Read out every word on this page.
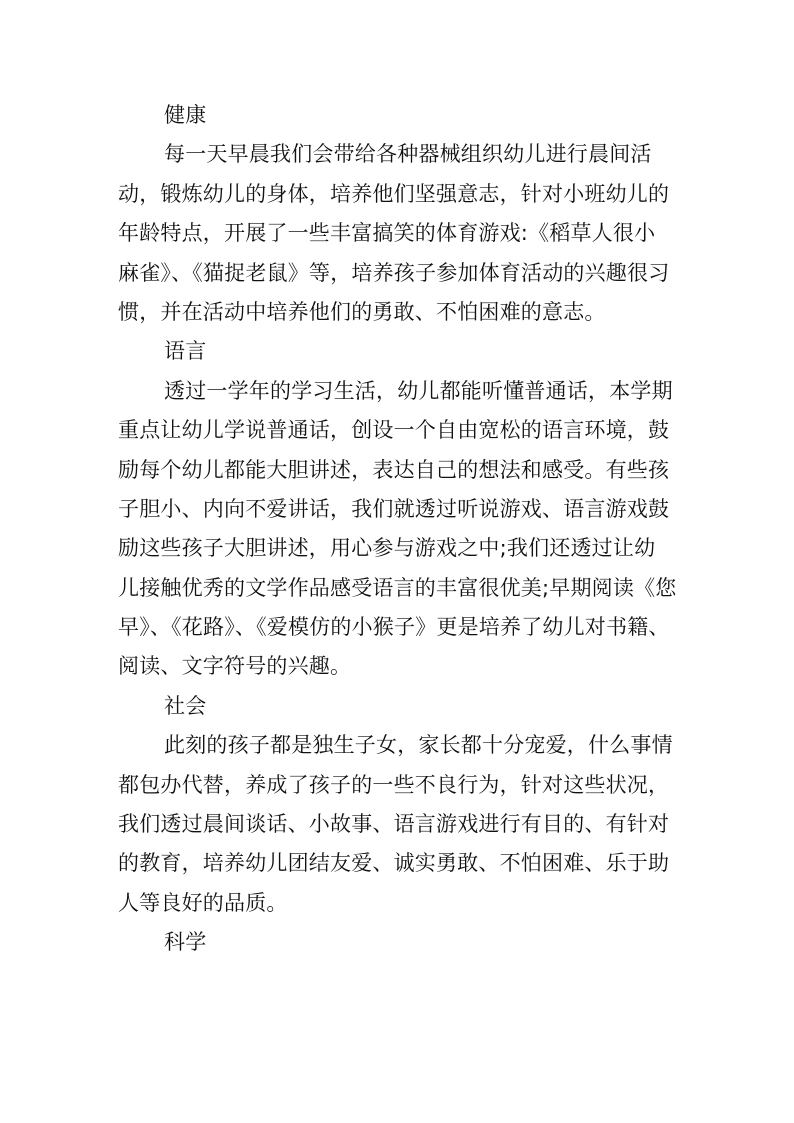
健康
每一天早晨我们会带给各种器械组织幼儿进行晨间活
动，锻炼幼儿的身体，培养他们坚强意志，针对小班幼儿的
年龄特点，开展了一些丰富搞笑的体育游戏:《稻草人很小
麻雀》、《猫捉老鼠》等，培养孩子参加体育活动的兴趣很习
惯，并在活动中培养他们的勇敢、不怕困难的意志。
语言
透过一学年的学习生活，幼儿都能听懂普通话，本学期
重点让幼儿学说普通话，创设一个自由宽松的语言环境，鼓
励每个幼儿都能大胆讲述，表达自己的想法和感受。有些孩
子胆小、内向不爱讲话，我们就透过听说游戏、语言游戏鼓
励这些孩子大胆讲述，用心参与游戏之中;我们还透过让幼
儿接触优秀的文学作品感受语言的丰富很优美;早期阅读《您
早》、《花路》、《爱模仿的小猴子》更是培养了幼儿对书籍、
阅读、文字符号的兴趣。
社会
此刻的孩子都是独生子女，家长都十分宠爱，什么事情
都包办代替，养成了孩子的一些不良行为，针对这些状况，
我们透过晨间谈话、小故事、语言游戏进行有目的、有针对
的教育，培养幼儿团结友爱、诚实勇敢、不怕困难、乐于助
人等良好的品质。
科学
